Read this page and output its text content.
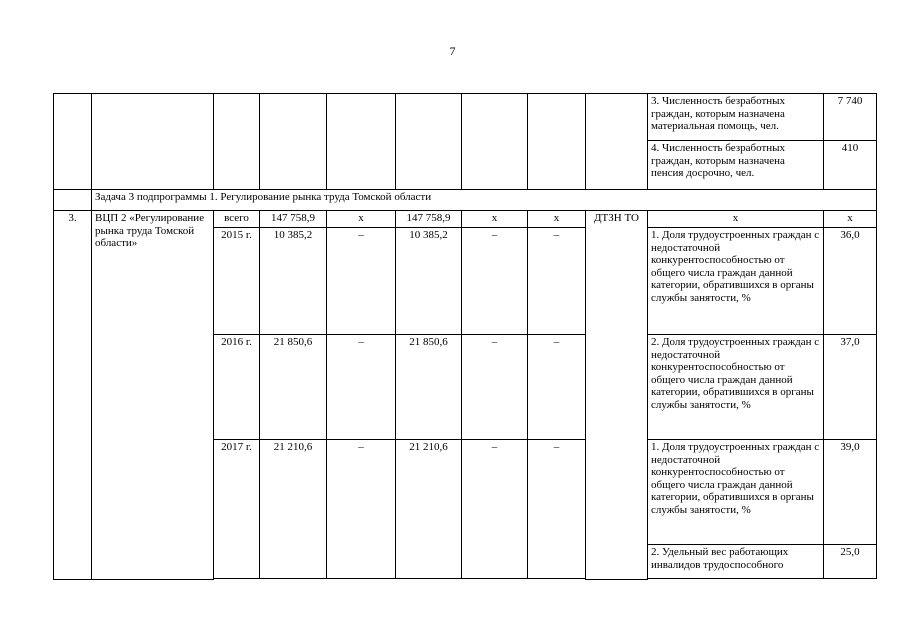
7
									3. Численность безработных граждан, которым назначена материальная помощь, чел.	7 740
									4. Численность безработных граждан, которым назначена пенсия досрочно, чел.	410
	Задача 3 подпрограммы 1. Регулирование рынка труда Томской области									
3.	ВЦП 2 «Регулирование рынка труда Томской области»	всего	147 758,9	x	147 758,9	x	x	ДТЗН ТО	x	x
		2015 г.	10 385,2	–	10 385,2	–	–		1. Доля трудоустроенных граждан с недостаточной конкурентоспособностью от общего числа граждан данной категории, обратившихся в органы службы занятости, %	36,0
		2016 г.	21 850,6	–	21 850,6	–	–		2. Доля трудоустроенных граждан с недостаточной конкурентоспособностью от общего числа граждан данной категории, обратившихся в органы службы занятости, %	37,0
		2017 г.	21 210,6	–	21 210,6	–	–		1. Доля трудоустроенных граждан с недостаточной конкурентоспособностью от общего числа граждан данной категории, обратившихся в органы службы занятости, %	39,0
									2. Удельный вес работающих инвалидов трудоспособного	25,0
